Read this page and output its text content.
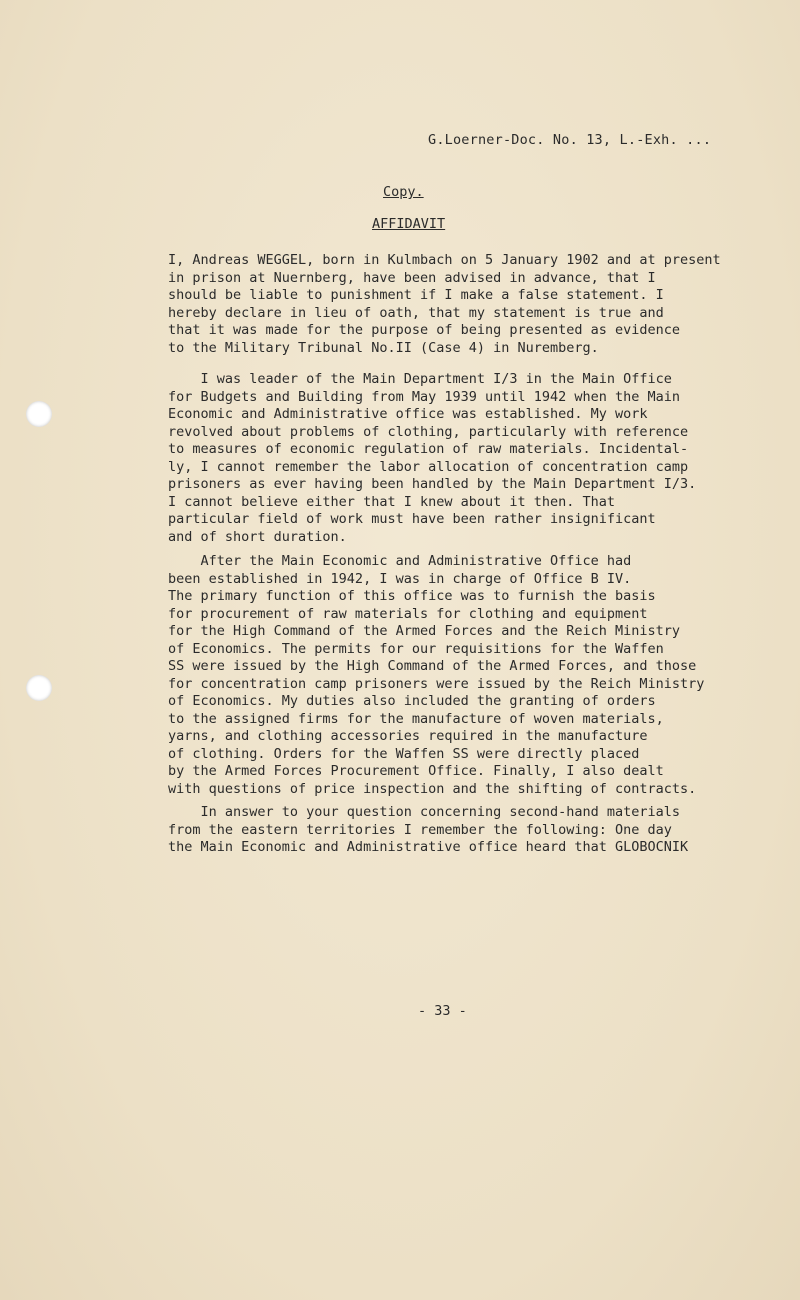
G.Loerner-Doc. No. 13, L.-Exh. ...
Copy.
AFFIDAVIT
I, Andreas WEGGEL, born in Kulmbach on 5 January 1902 and at present
in prison at Nuernberg, have been advised in advance, that I
should be liable to punishment if I make a false statement. I
hereby declare in lieu of oath, that my statement is true and
that it was made for the purpose of being presented as evidence
to the Military Tribunal No.II (Case 4) in Nuremberg.
I was leader of the Main Department I/3 in the Main Office
for Budgets and Building from May 1939 until 1942 when the Main
Economic and Administrative office was established. My work
revolved about problems of clothing, particularly with reference
to measures of economic regulation of raw materials. Incidental-
ly, I cannot remember the labor allocation of concentration camp
prisoners as ever having been handled by the Main Department I/3.
I cannot believe either that I knew about it then. That
particular field of work must have been rather insignificant
and of short duration.
After the Main Economic and Administrative Office had
been established in 1942, I was in charge of Office B IV.
The primary function of this office was to furnish the basis
for procurement of raw materials for clothing and equipment
for the High Command of the Armed Forces and the Reich Ministry
of Economics. The permits for our requisitions for the Waffen
SS were issued by the High Command of the Armed Forces, and those
for concentration camp prisoners were issued by the Reich Ministry
of Economics. My duties also included the granting of orders
to the assigned firms for the manufacture of woven materials,
yarns, and clothing accessories required in the manufacture
of clothing. Orders for the Waffen SS were directly placed
by the Armed Forces Procurement Office. Finally, I also dealt
with questions of price inspection and the shifting of contracts.
In answer to your question concerning second-hand materials
from the eastern territories I remember the following: One day
the Main Economic and Administrative office heard that GLOBOCNIK
- 33 -
